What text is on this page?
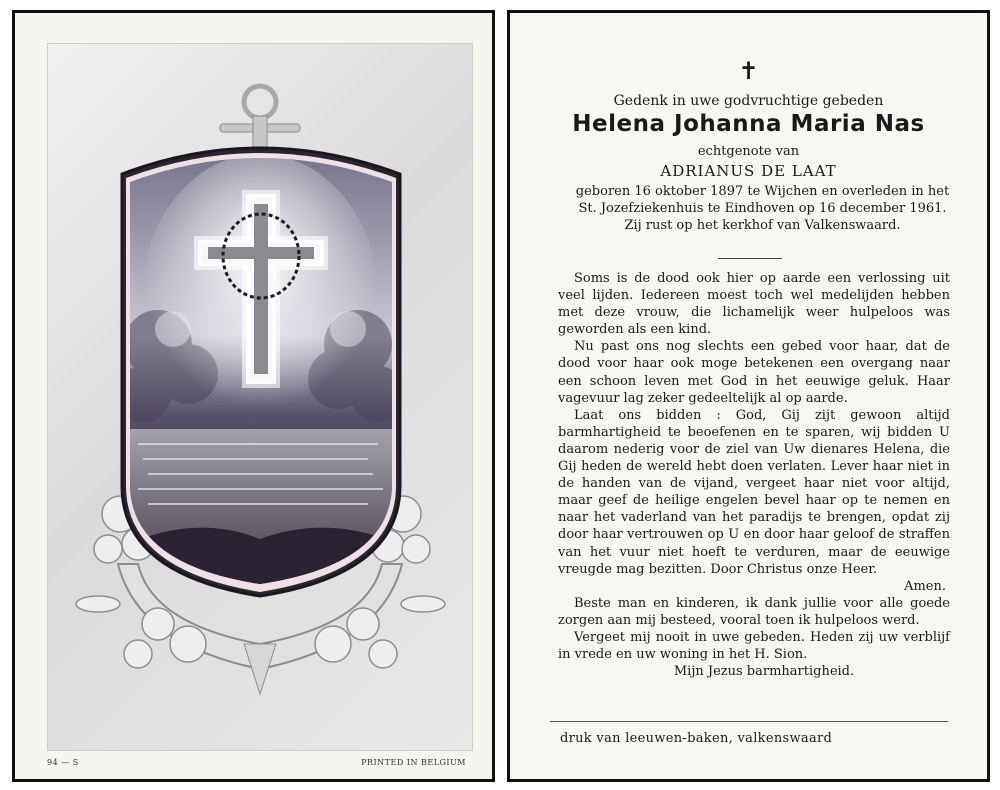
94 — S	PRINTED IN BELGIUM
✝
Gedenk in uwe godvruchtige gebeden
Helena Johanna Maria Nas
echtgenote van
ADRIANUS DE LAAT
geboren 16 oktober 1897 te Wijchen en overleden in het St. Jozefziekenhuis te Eindhoven op 16 december 1961.
Zij rust op het kerkhof van Valkenswaard.

Soms is de dood ook hier op aarde een verlossing uit veel lijden. Iedereen moest toch wel medelijden hebben met deze vrouw, die lichamelijk weer hulpeloos was geworden als een kind.

Nu past ons nog slechts een gebed voor haar, dat de dood voor haar ook moge betekenen een overgang naar een schoon leven met God in het eeuwige geluk. Haar vagevuur lag zeker gedeeltelijk al op aarde.

Laat ons bidden : God, Gij zijt gewoon altijd barmhartigheid te beoefenen en te sparen, wij bidden U daarom nederig voor de ziel van Uw dienares Helena, die Gij heden de wereld hebt doen verlaten. Lever haar niet in de handen van de vijand, vergeet haar niet voor altijd, maar geef de heilige engelen bevel haar op te nemen en naar het vaderland van het paradijs te brengen, opdat zij door haar vertrouwen op U en door haar geloof de straffen van het vuur niet hoeft te verduren, maar de eeuwige vreugde mag bezitten. Door Christus onze Heer.

Amen.

Beste man en kinderen, ik dank jullie voor alle goede zorgen aan mij besteed, vooral toen ik hulpeloos werd.

Vergeet mij nooit in uwe gebeden. Heden zij uw verblijf in vrede en uw woning in het H. Sion.

Mijn Jezus barmhartigheid.

druk van leeuwen-baken, valkenswaard
